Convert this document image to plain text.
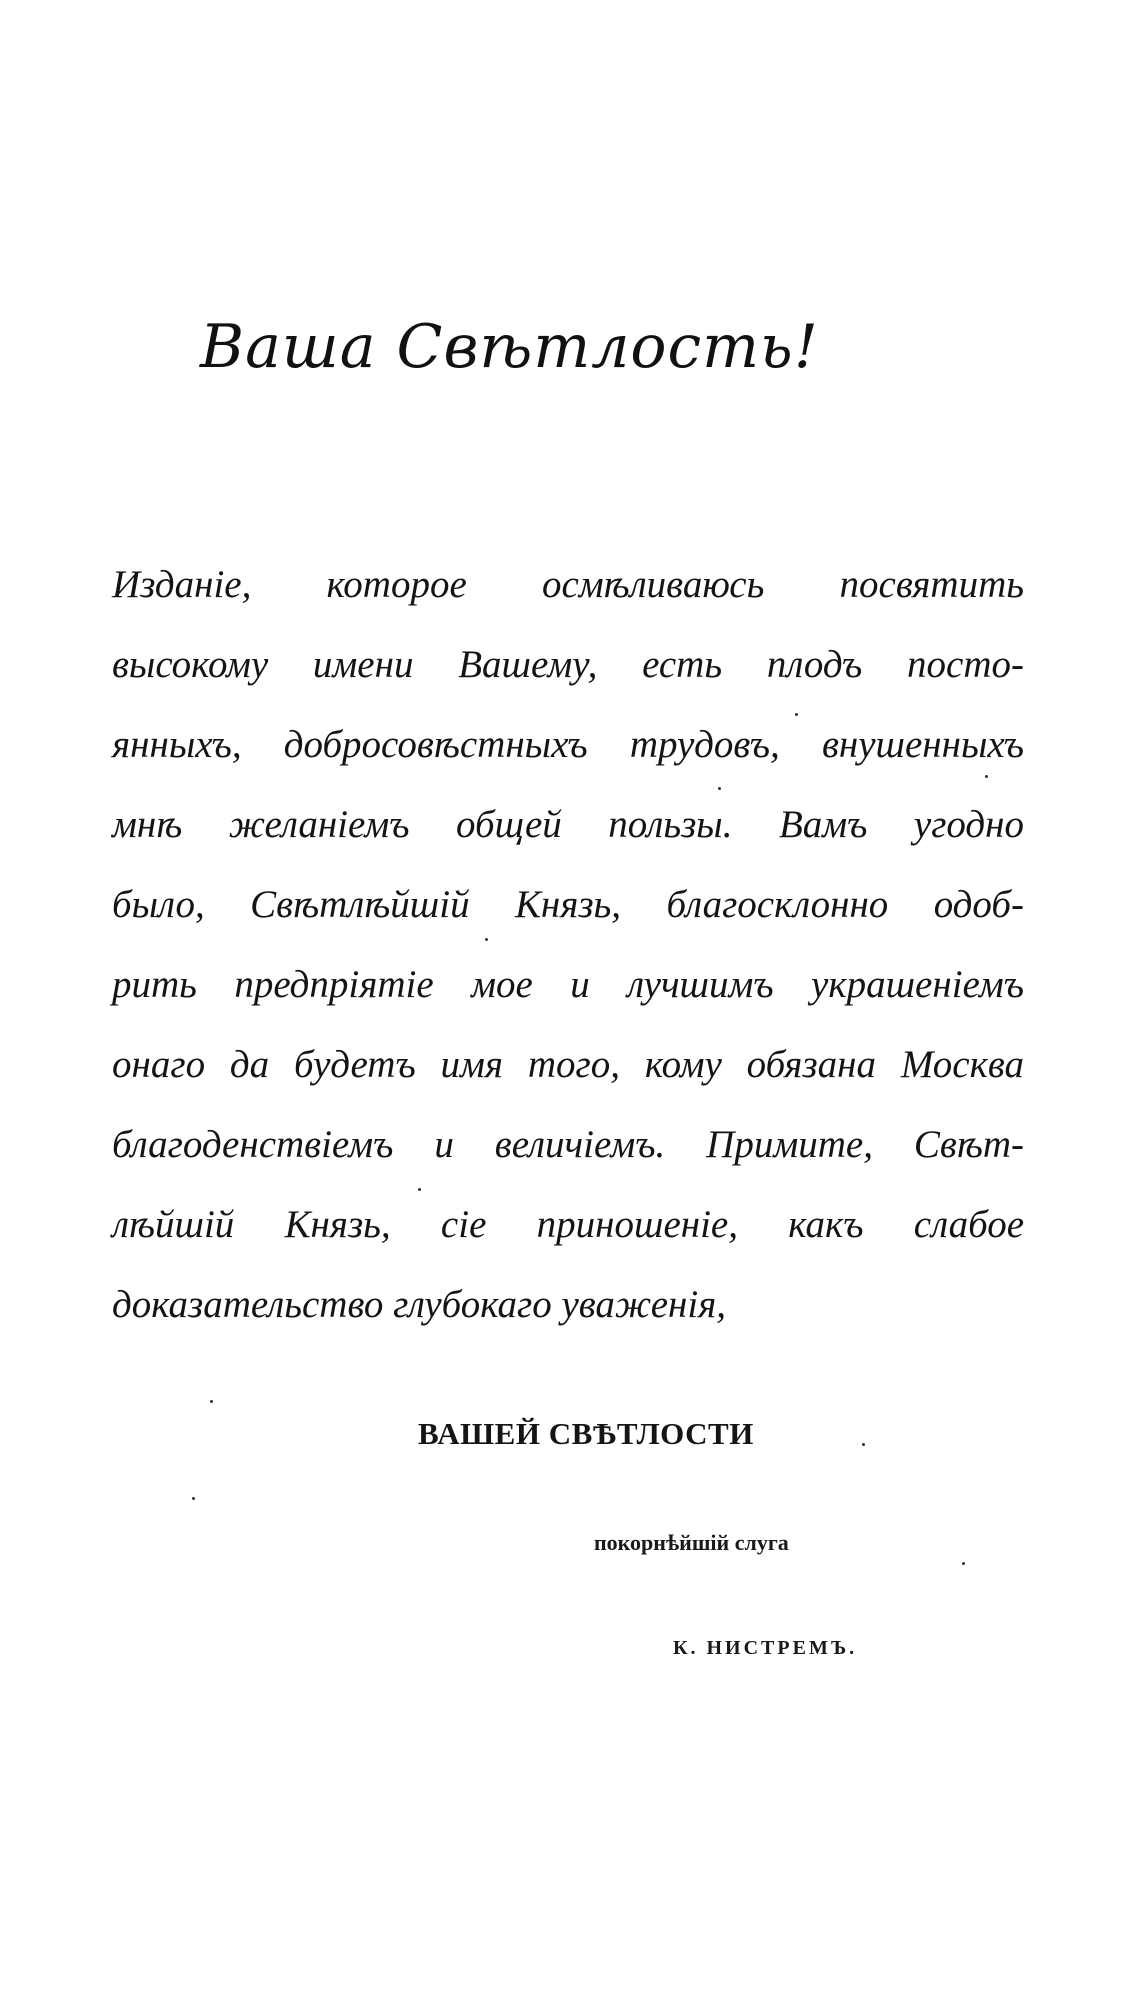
Ваша Свѣтлость!
Изданіе, которое осмѣливаюсь посвятить
высокому имени Вашему, есть плодъ посто-
янныхъ, добросовѣстныхъ трудовъ, внушенныхъ
мнѣ желаніемъ общей пользы. Вамъ угодно
было, Свѣтлѣйшій Князь, благосклонно одоб-
рить предпріятіе мое и лучшимъ украшеніемъ
онаго да будетъ имя того, кому обязана Москва
благоденствіемъ и величіемъ. Примите, Свѣт-
лѣйшій Князь, сіе приношеніе, какъ слабое
доказательство глубокаго уваженія,
ВАШЕЙ СВѢТЛОСТИ
покорнѣйшій слуга
К. НИСТРЕМЪ.
